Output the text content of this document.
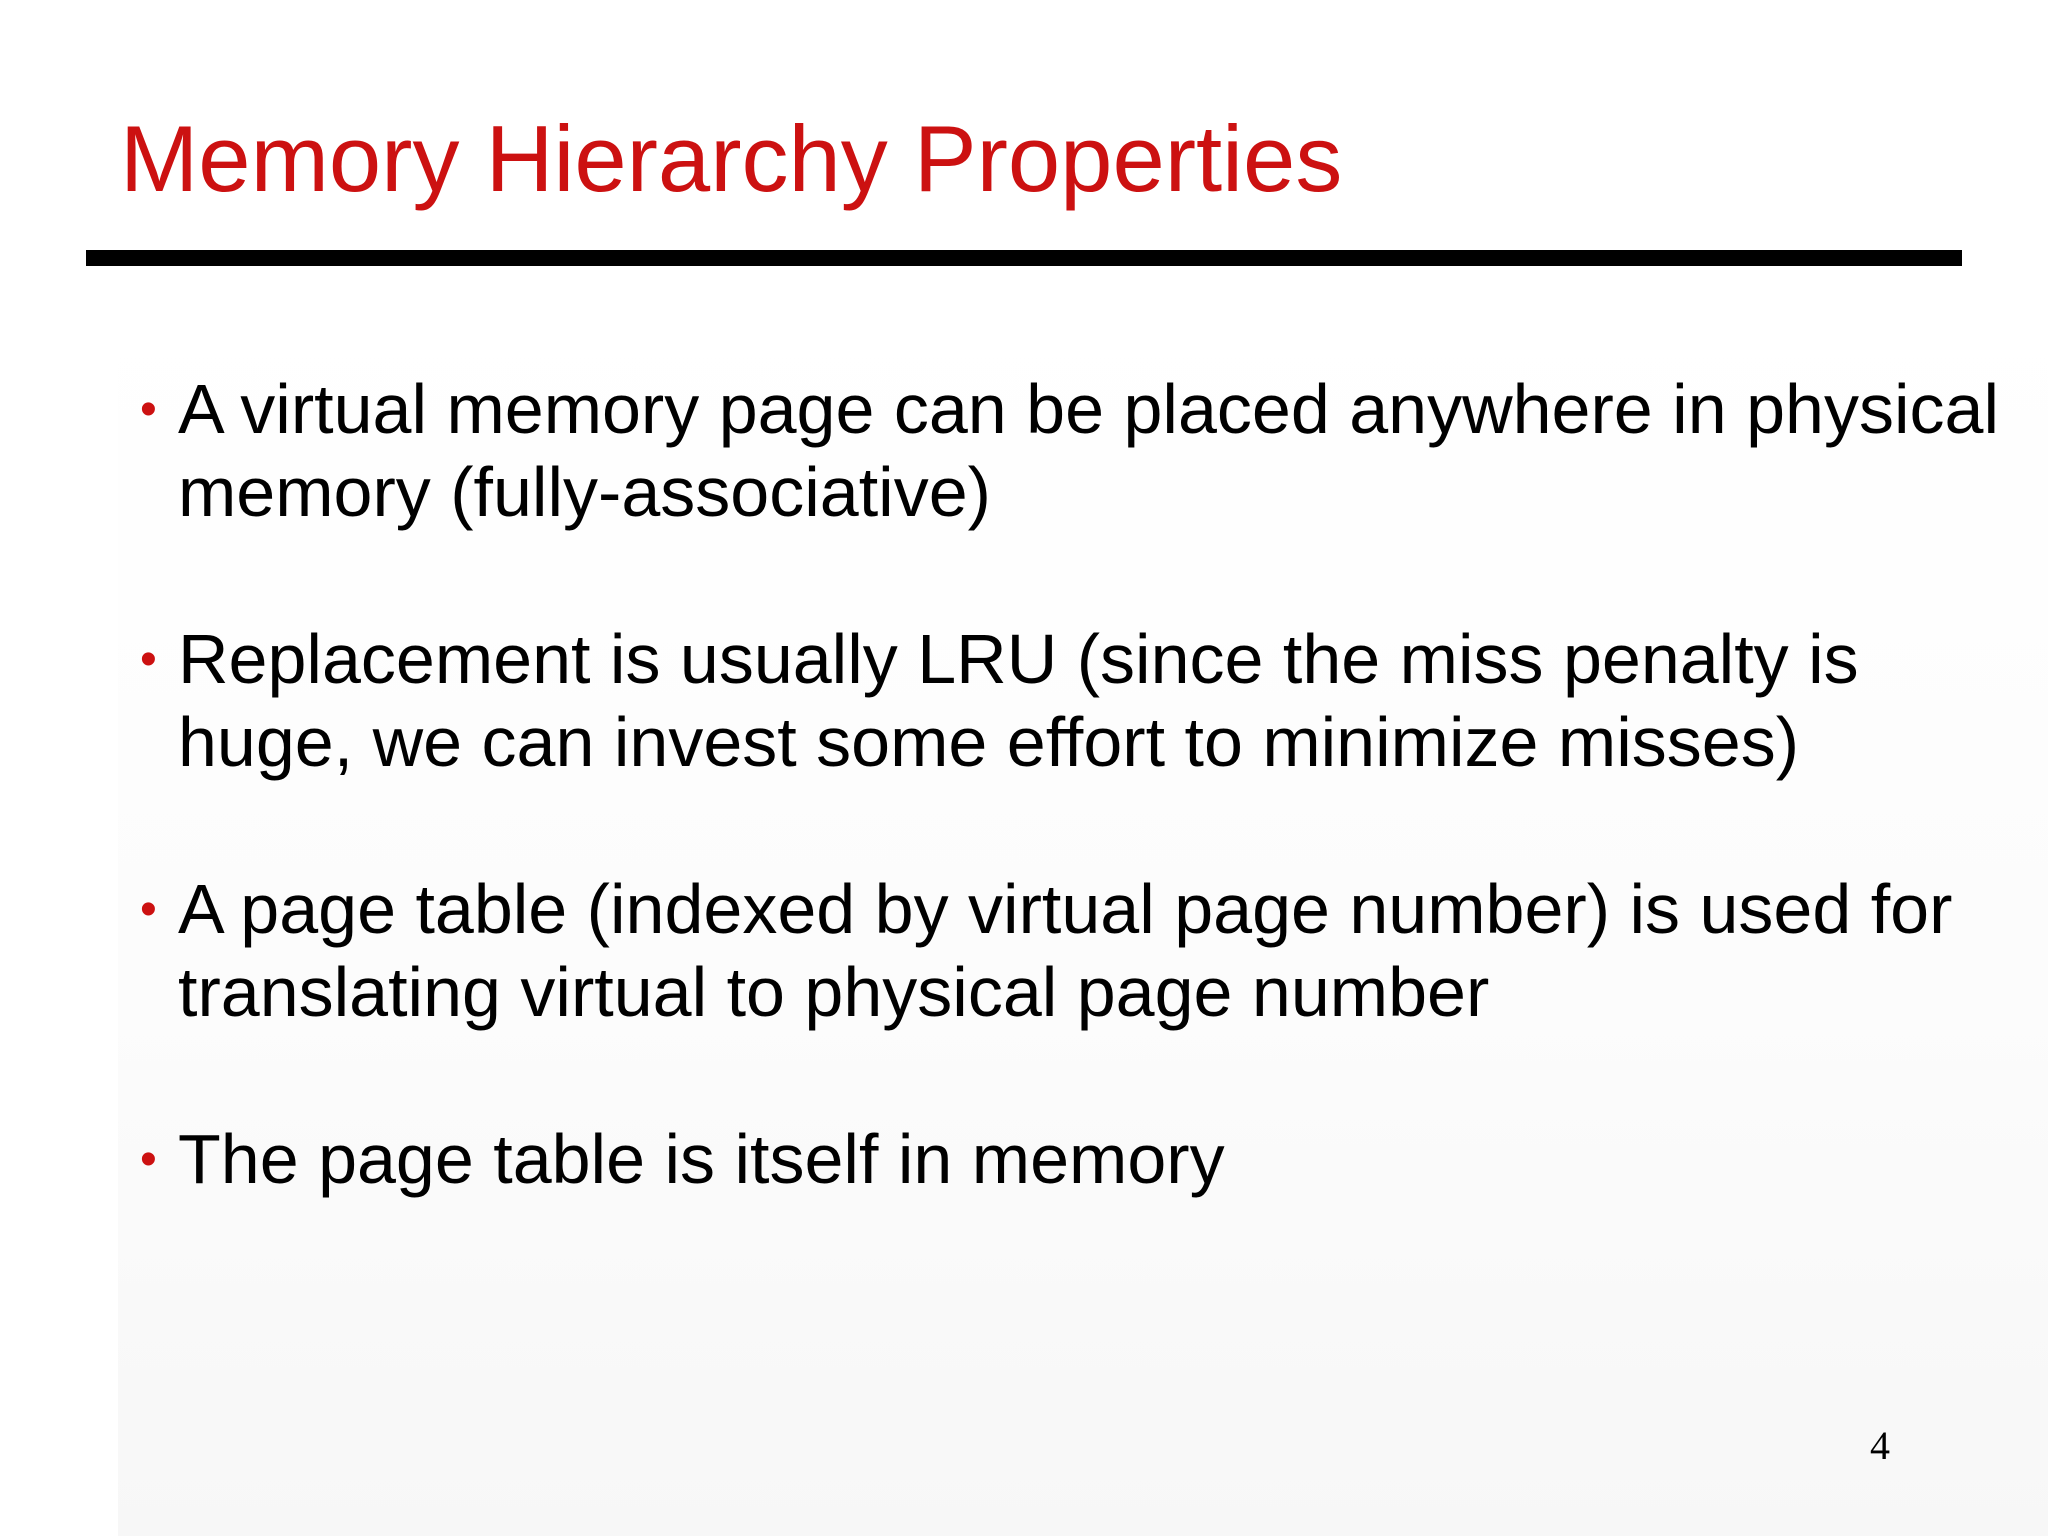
Memory Hierarchy Properties
• A virtual memory page can be placed anywhere in physical memory (fully-associative)
• Replacement is usually LRU (since the miss penalty is huge, we can invest some effort to minimize misses)
• A page table (indexed by virtual page number) is used for translating virtual to physical page number
• The page table is itself in memory
4
